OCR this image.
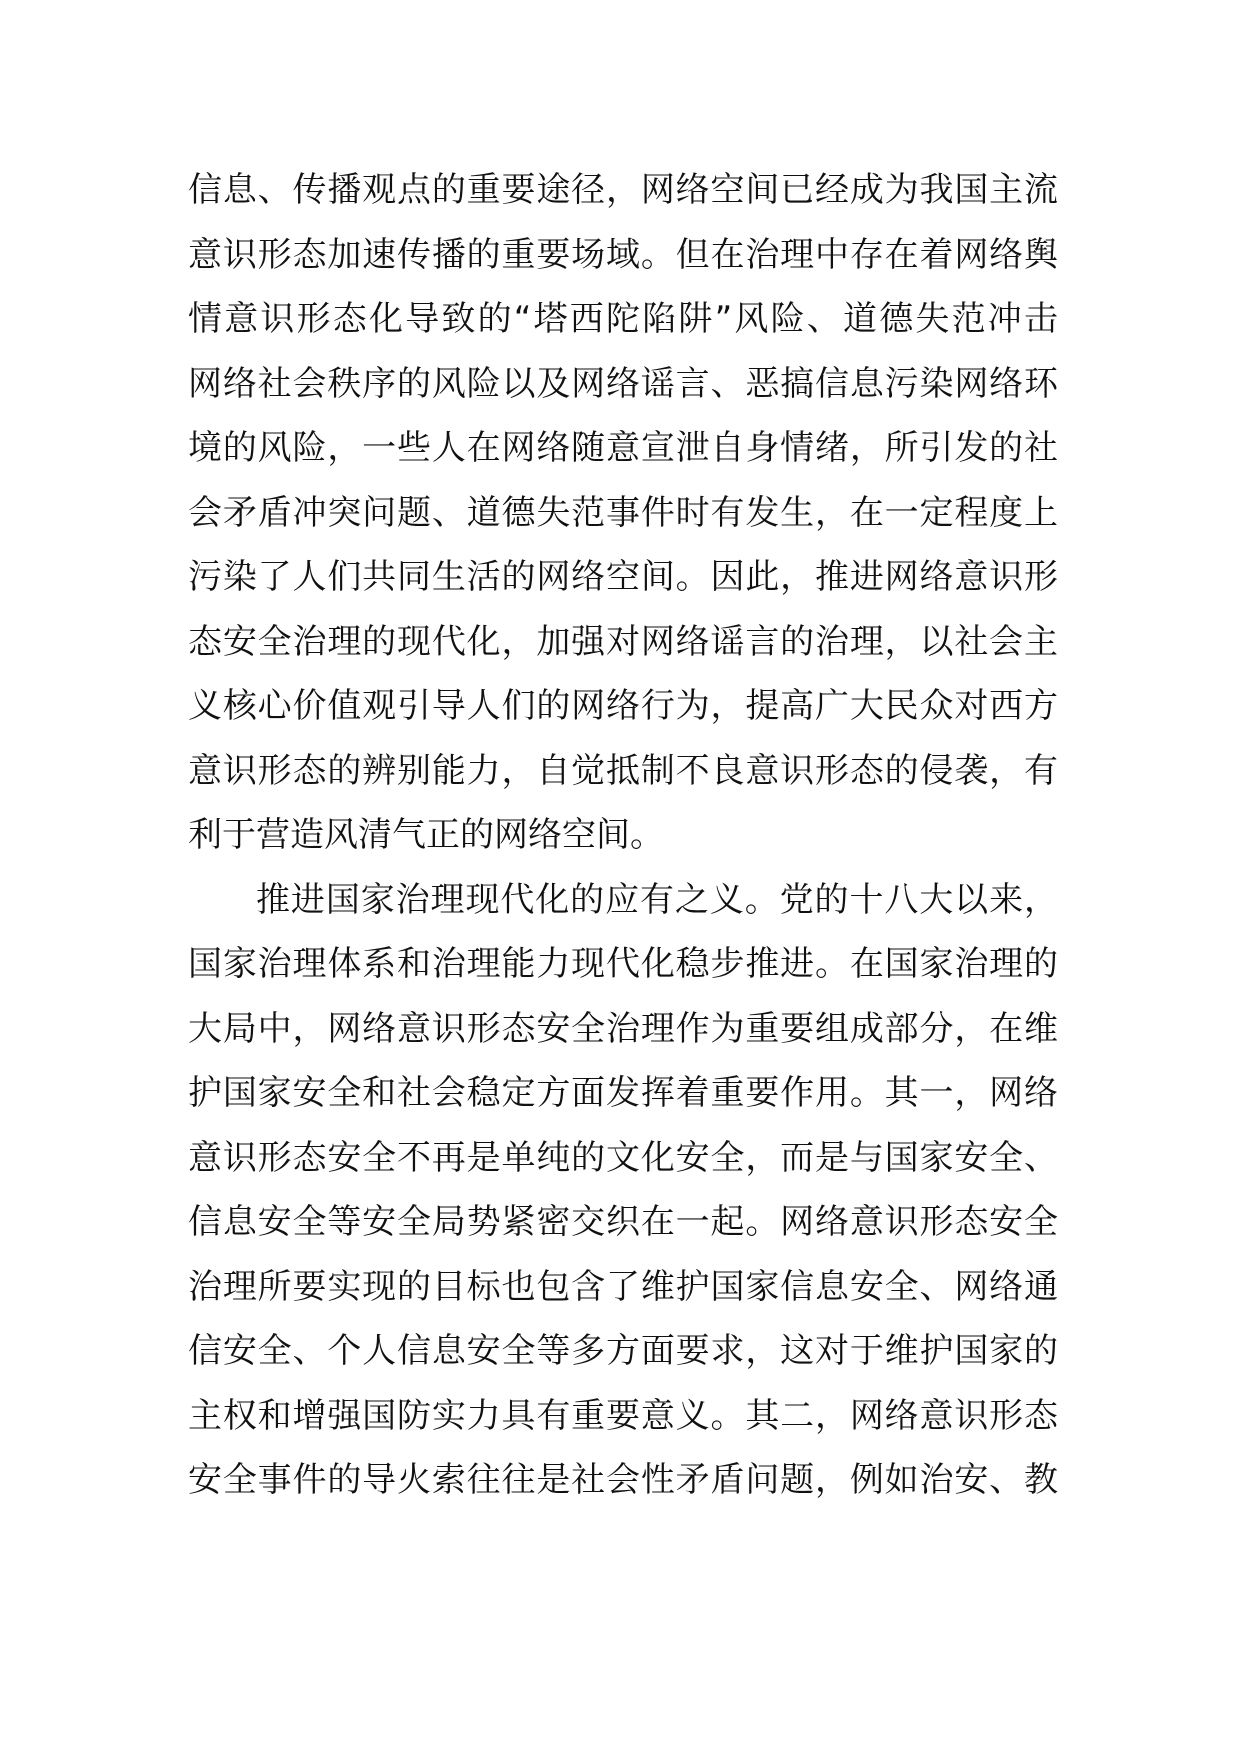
信息、传播观点的重要途径，网络空间已经成为我国主流
意识形态加速传播的重要场域。但在治理中存在着网络舆
情意识形态化导致的“塔西陀陷阱”风险、道德失范冲击
网络社会秩序的风险以及网络谣言、恶搞信息污染网络环
境的风险，一些人在网络随意宣泄自身情绪，所引发的社
会矛盾冲突问题、道德失范事件时有发生，在一定程度上
污染了人们共同生活的网络空间。因此，推进网络意识形
态安全治理的现代化，加强对网络谣言的治理，以社会主
义核心价值观引导人们的网络行为，提高广大民众对西方
意识形态的辨别能力，自觉抵制不良意识形态的侵袭，有
利于营造风清气正的网络空间。
推进国家治理现代化的应有之义。党的十八大以来，
国家治理体系和治理能力现代化稳步推进。在国家治理的
大局中，网络意识形态安全治理作为重要组成部分，在维
护国家安全和社会稳定方面发挥着重要作用。其一，网络
意识形态安全不再是单纯的文化安全，而是与国家安全、
信息安全等安全局势紧密交织在一起。网络意识形态安全
治理所要实现的目标也包含了维护国家信息安全、网络通
信安全、个人信息安全等多方面要求，这对于维护国家的
主权和增强国防实力具有重要意义。其二，网络意识形态
安全事件的导火索往往是社会性矛盾问题，例如治安、教
